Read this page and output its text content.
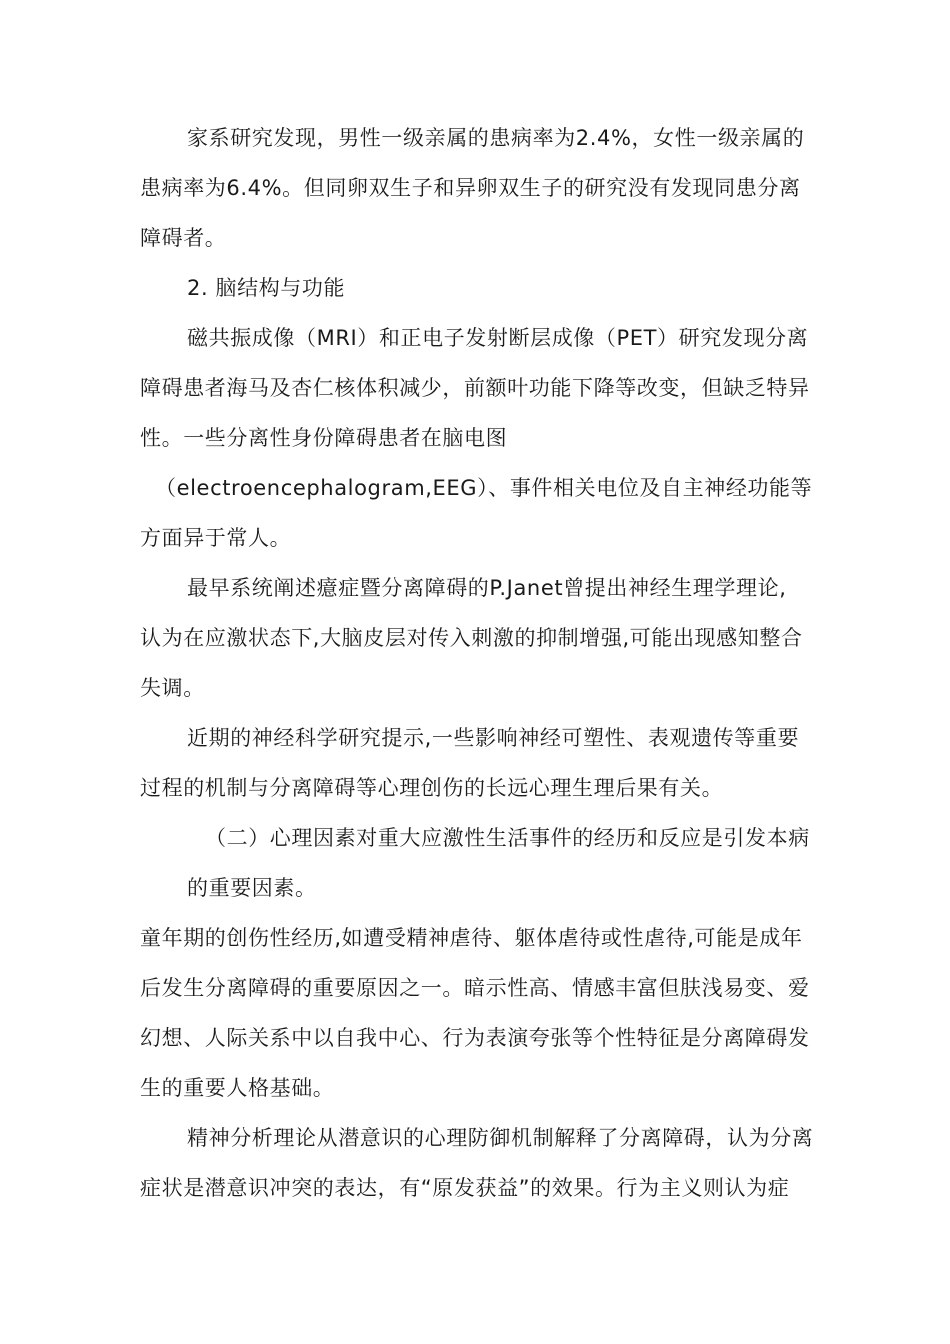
家系研究发现，男性一级亲属的患病率为2.4%，女性一级亲属的
患病率为6.4%。但同卵双生子和异卵双生子的研究没有发现同患分离
障碍者。
2. 脑结构与功能
磁共振成像（MRI）和正电子发射断层成像（PET）研究发现分离
障碍患者海马及杏仁核体积减少，前额叶功能下降等改变，但缺乏特异
性。一些分离性身份障碍患者在脑电图
（electroencephalogram,EEG）、事件相关电位及自主神经功能等
方面异于常人。
最早系统阐述癔症暨分离障碍的P.Janet曾提出神经生理学理论,
认为在应激状态下,大脑皮层对传入刺激的抑制增强,可能出现感知整合
失调。
近期的神经科学研究提示,一些影响神经可塑性、表观遗传等重要
过程的机制与分离障碍等心理创伤的长远心理生理后果有关。
（二）心理因素对重大应激性生活事件的经历和反应是引发本病
的重要因素。
童年期的创伤性经历,如遭受精神虐待、躯体虐待或性虐待,可能是成年
后发生分离障碍的重要原因之一。暗示性高、情感丰富但肤浅易变、爱
幻想、人际关系中以自我中心、行为表演夸张等个性特征是分离障碍发
生的重要人格基础。
精神分析理论从潜意识的心理防御机制解释了分离障碍，认为分离
症状是潜意识冲突的表达，有“原发获益”的效果。行为主义则认为症
